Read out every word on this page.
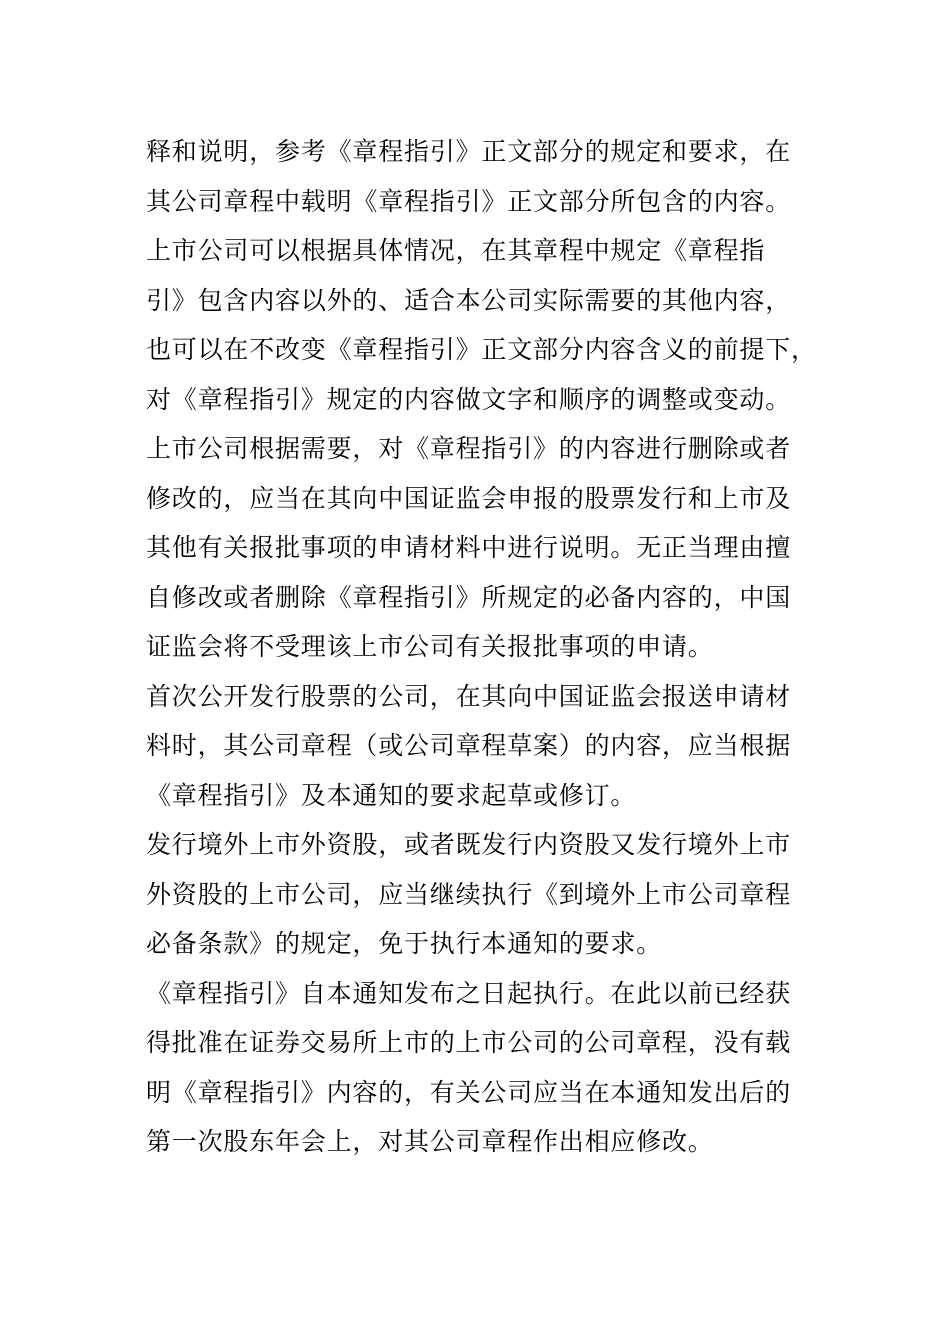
释和说明，参考《章程指引》正文部分的规定和要求，在
其公司章程中载明《章程指引》正文部分所包含的内容。
上市公司可以根据具体情况，在其章程中规定《章程指
引》包含内容以外的、适合本公司实际需要的其他内容，
也可以在不改变《章程指引》正文部分内容含义的前提下，
对《章程指引》规定的内容做文字和顺序的调整或变动。
上市公司根据需要，对《章程指引》的内容进行删除或者
修改的，应当在其向中国证监会申报的股票发行和上市及
其他有关报批事项的申请材料中进行说明。无正当理由擅
自修改或者删除《章程指引》所规定的必备内容的，中国
证监会将不受理该上市公司有关报批事项的申请。
首次公开发行股票的公司，在其向中国证监会报送申请材
料时，其公司章程（或公司章程草案）的内容，应当根据
《章程指引》及本通知的要求起草或修订。
发行境外上市外资股，或者既发行内资股又发行境外上市
外资股的上市公司，应当继续执行《到境外上市公司章程
必备条款》的规定，免于执行本通知的要求。
《章程指引》自本通知发布之日起执行。在此以前已经获
得批准在证券交易所上市的上市公司的公司章程，没有载
明《章程指引》内容的，有关公司应当在本通知发出后的
第一次股东年会上，对其公司章程作出相应修改。
